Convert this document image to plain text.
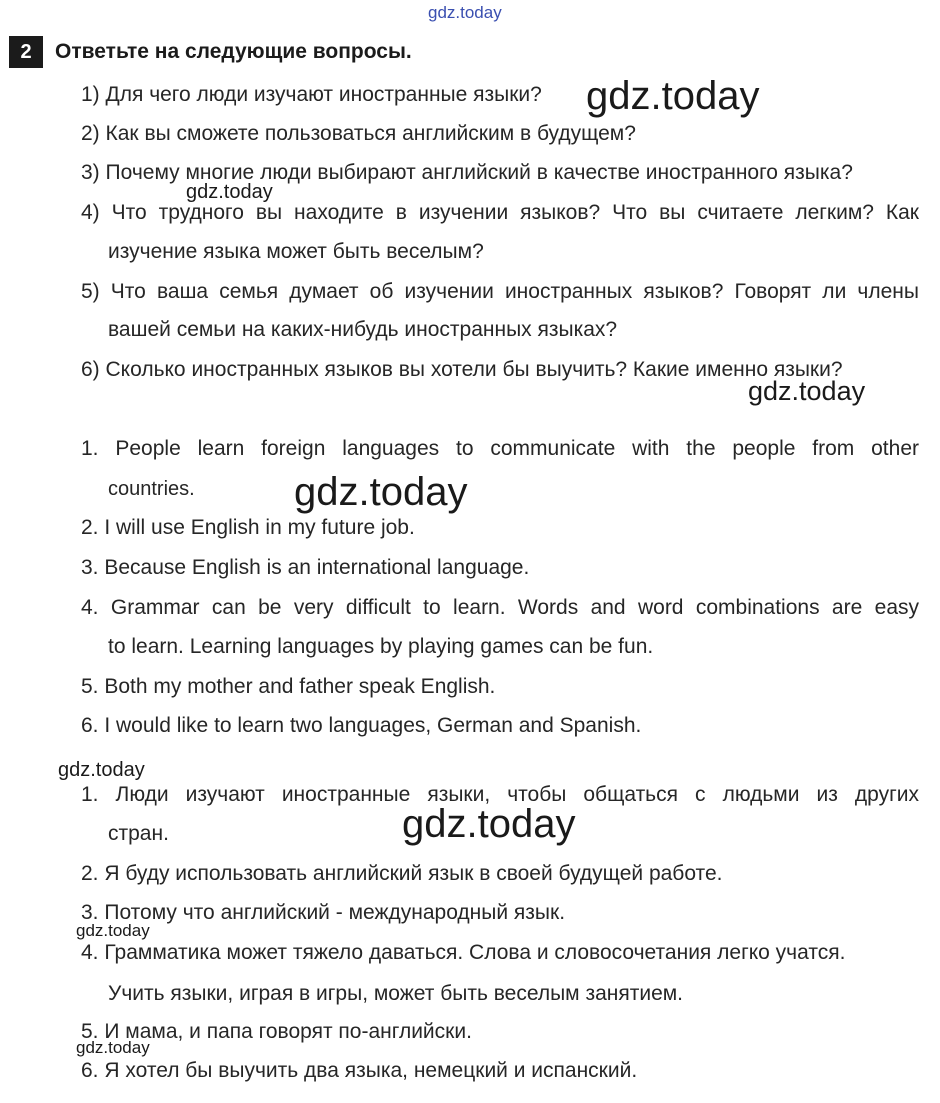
gdz.today
gdz.today
gdz.today
gdz.today
gdz.today
gdz.today
gdz.today
gdz.today
gdz.today
2	Ответьте на следующие вопросы.
1) Для чего люди изучают иностранные языки?
2) Как вы сможете пользоваться английским в будущем?
3) Почему многие люди выбирают английский в качестве иностранного языка?
4) Что трудного вы находите в изучении языков? Что вы считаете легким? Как
изучение языка может быть веселым?
5) Что ваша семья думает об изучении иностранных языков? Говорят ли члены
вашей семьи на каких-нибудь иностранных языках?
6) Сколько иностранных языков вы хотели бы выучить? Какие именно языки?
1. People learn foreign languages to communicate with the people from other
countries.
2. I will use English in my future job.
3. Because English is an international language.
4. Grammar can be very difficult to learn. Words and word combinations are easy
to learn. Learning languages by playing games can be fun.
5. Both my mother and father speak English.
6. I would like to learn two languages, German and Spanish.
1. Люди изучают иностранные языки, чтобы общаться с людьми из других
стран.
2. Я буду использовать английский язык в своей будущей работе.
3. Потому что английский - международный язык.
4. Грамматика может тяжело даваться. Слова и словосочетания легко учатся.
Учить языки, играя в игры, может быть веселым занятием.
5. И мама, и папа говорят по-английски.
6. Я хотел бы выучить два языка, немецкий и испанский.
